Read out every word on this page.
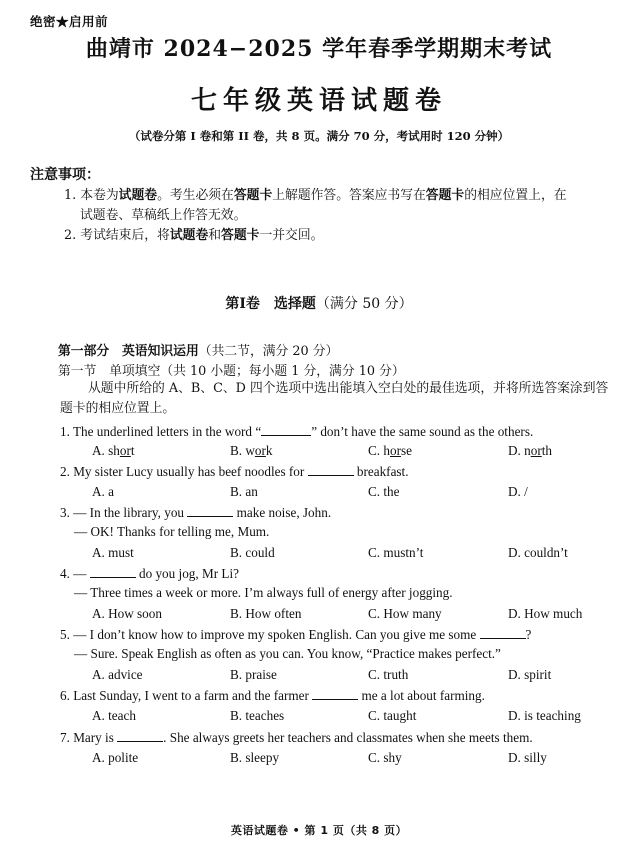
绝密★启用前
曲靖市 2024−2025 学年春季学期期末考试
七年级英语试题卷
（试卷分第 I 卷和第 II 卷，共 8 页。满分 70 分，考试用时 120 分钟）
注意事项：
1. 本卷为试题卷。考生必须在答题卡上解题作答。答案应书写在答题卡的相应位置上，在
试题卷、草稿纸上作答无效。
2. 考试结束后，将试题卷和答题卡一并交回。
第Ⅰ卷　选择题（满分 50 分）
第一部分　英语知识运用（共二节，满分 20 分）
第一节　单项填空（共 10 小题；每小题 1 分，满分 10 分）
从题中所给的 A、B、C、D 四个选项中选出能填入空白处的最佳选项，并将所选答案涂到答题卡的相应位置上。
1. The underlined letters in the word “	” don’t have the same sound as the others.
A. short	B. work	C. horse	D. north
2. My sister Lucy usually has beef noodles for	breakfast.
A. a	B. an	C. the	D. /
3. — In the library, you	make noise, John.
— OK! Thanks for telling me, Mum.
A. must	B. could	C. mustn’t	D. couldn’t
4. —	do you jog, Mr Li?
— Three times a week or more. I’m always full of energy after jogging.
A. How soon	B. How often	C. How many	D. How much
5. — I don’t know how to improve my spoken English. Can you give me some	?
— Sure. Speak English as often as you can. You know, “Practice makes perfect.”
A. advice	B. praise	C. truth	D. spirit
6. Last Sunday, I went to a farm and the farmer	me a lot about farming.
A. teach	B. teaches	C. taught	D. is teaching
7. Mary is	. She always greets her teachers and classmates when she meets them.
A. polite	B. sleepy	C. shy	D. silly
英语试题卷 • 第 1 页（共 8 页）
